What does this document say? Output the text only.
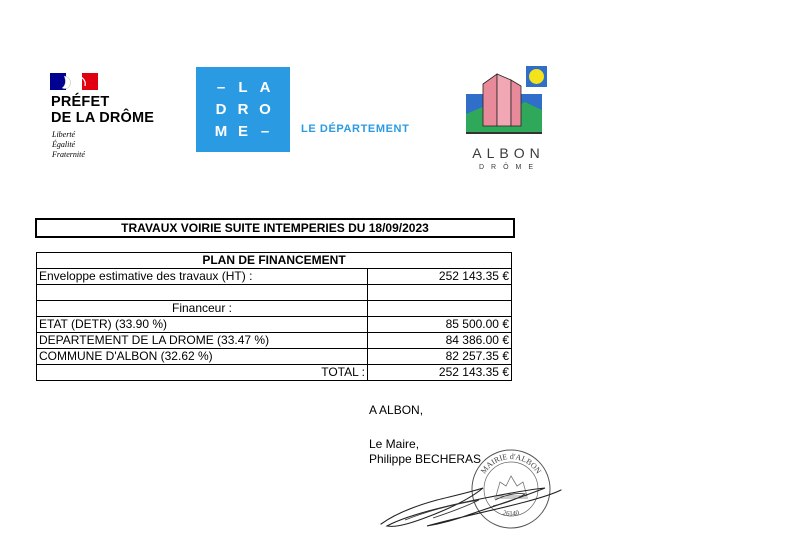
PRÉFET
DE LA DRÔME
Liberté
Égalité
Fraternité
– L A
D R O
M E –	LE DÉPARTEMENT
ALBON
DRÔME
TRAVAUX VOIRIE SUITE INTEMPERIES DU 18/09/2023
PLAN DE FINANCEMENT	
Enveloppe estimative des travaux (HT) :	252 143.35 €

Financeur :	
ETAT (DETR) (33.90 %)	85 500.00 €
DEPARTEMENT DE LA DROME (33.47 %)	84 386.00 €
COMMUNE D'ALBON (32.62 %)	82 257.35 €
TOTAL :	252 143.35 €
A ALBON,
Le Maire,
Philippe BECHERAS
MAIRIE d'ALBON
26140
